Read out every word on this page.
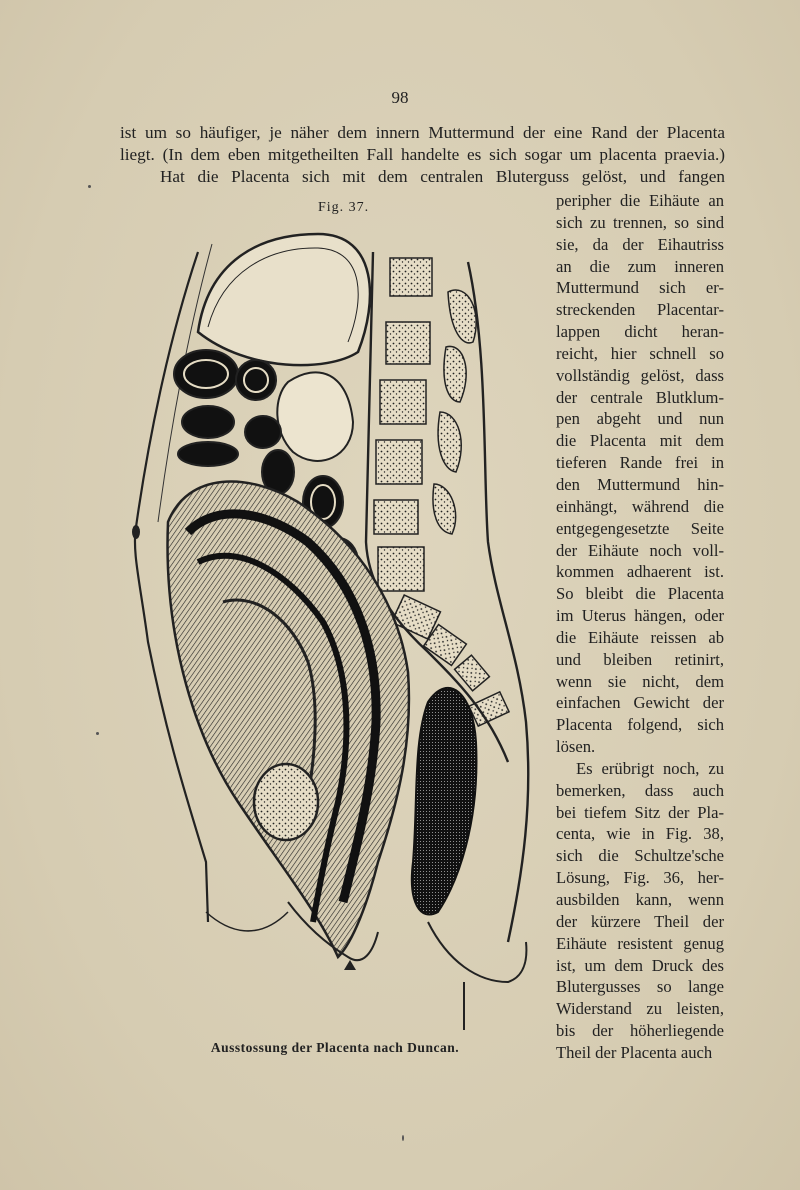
98
ist um so häufiger, je näher dem innern Muttermund der eine Rand der Placenta
liegt. (In dem eben mitgetheilten Fall handelte es sich sogar um placenta praevia.)
Hat die Placenta sich mit dem centralen Bluterguss gelöst, und fangen
Fig. 37.
Ausstossung der Placenta nach Duncan.
peripher die Eihäute an
sich zu trennen, so sind
sie, da der Eihautriss
an die zum inneren
Muttermund sich er-
streckenden Placentar-
lappen dicht heran-
reicht, hier schnell so
vollständig gelöst, dass
der centrale Blutklum-
pen abgeht und nun
die Placenta mit dem
tieferen Rande frei in
den Muttermund hin-
einhängt, während die
entgegengesetzte Seite
der Eihäute noch voll-
kommen adhaerent ist.
So bleibt die Placenta
im Uterus hängen, oder
die Eihäute reissen ab
und bleiben retinirt,
wenn sie nicht, dem
einfachen Gewicht der
Placenta folgend, sich
lösen.
Es erübrigt noch, zu
bemerken, dass auch
bei tiefem Sitz der Pla-
centa, wie in Fig. 38,
sich die Schultze'sche
Lösung, Fig. 36, her-
ausbilden kann, wenn
der kürzere Theil der
Eihäute resistent genug
ist, um dem Druck des
Blutergusses so lange
Widerstand zu leisten,
bis der höherliegende
Theil der Placenta auch
